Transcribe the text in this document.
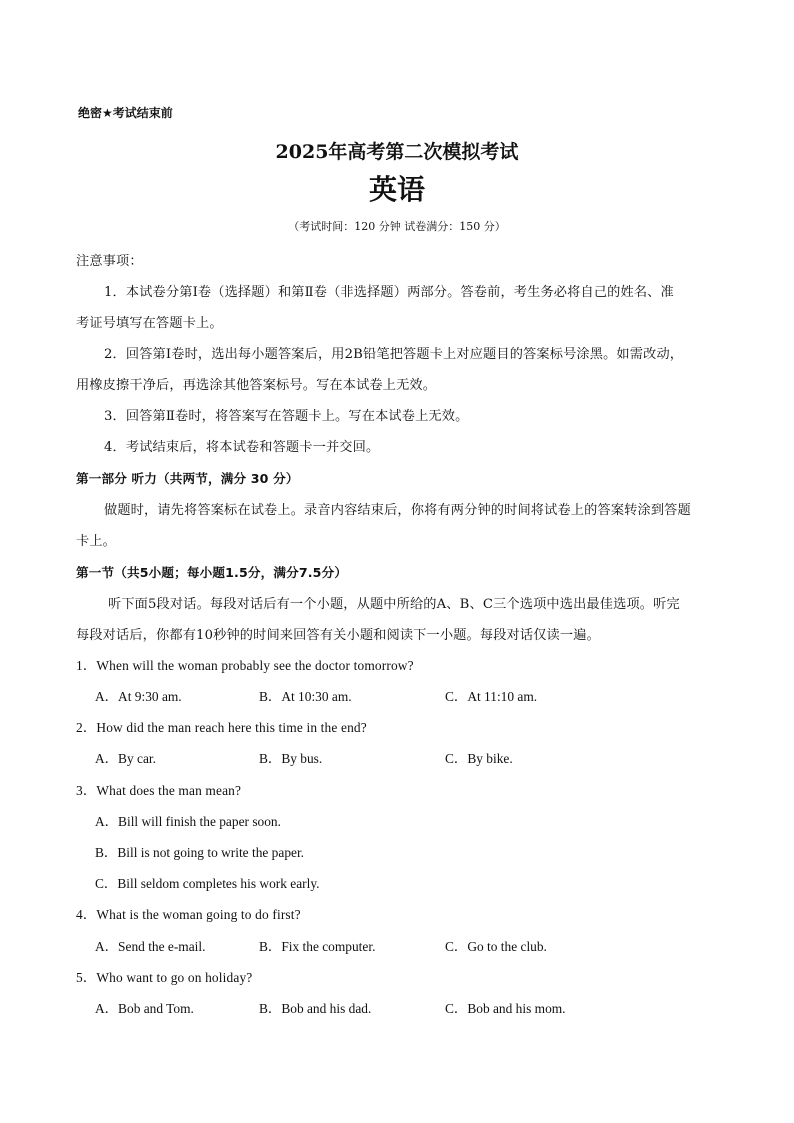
绝密★考试结束前
2025年高考第二次模拟考试
英语
（考试时间：120 分钟 试卷满分：150 分）
注意事项：
1．本试卷分第Ⅰ卷（选择题）和第Ⅱ卷（非选择题）两部分。答卷前，考生务必将自己的姓名、准
考证号填写在答题卡上。
2．回答第Ⅰ卷时，选出每小题答案后，用2B铅笔把答题卡上对应题目的答案标号涂黑。如需改动，
用橡皮擦干净后，再选涂其他答案标号。写在本试卷上无效。
3．回答第Ⅱ卷时，将答案写在答题卡上。写在本试卷上无效。
4．考试结束后，将本试卷和答题卡一并交回。
第一部分 听力（共两节，满分 30 分）
做题时，请先将答案标在试卷上。录音内容结束后，你将有两分钟的时间将试卷上的答案转涂到答题
卡上。
第一节（共5小题；每小题1.5分，满分7.5分）
听下面5段对话。每段对话后有一个小题，从题中所给的A、B、C三个选项中选出最佳选项。听完
每段对话后，你都有10秒钟的时间来回答有关小题和阅读下一小题。每段对话仅读一遍。
1．When will the woman probably see the doctor tomorrow?
A．At 9:30 am.	B．At 10:30 am.	C．At 11:10 am.
2．How did the man reach here this time in the end?
A．By car.	B．By bus.	C．By bike.
3．What does the man mean?
A．Bill will finish the paper soon.
B．Bill is not going to write the paper.
C．Bill seldom completes his work early.
4．What is the woman going to do first?
A．Send the e-mail.	B．Fix the computer.	C．Go to the club.
5．Who want to go on holiday?
A．Bob and Tom.	B．Bob and his dad.	C．Bob and his mom.
